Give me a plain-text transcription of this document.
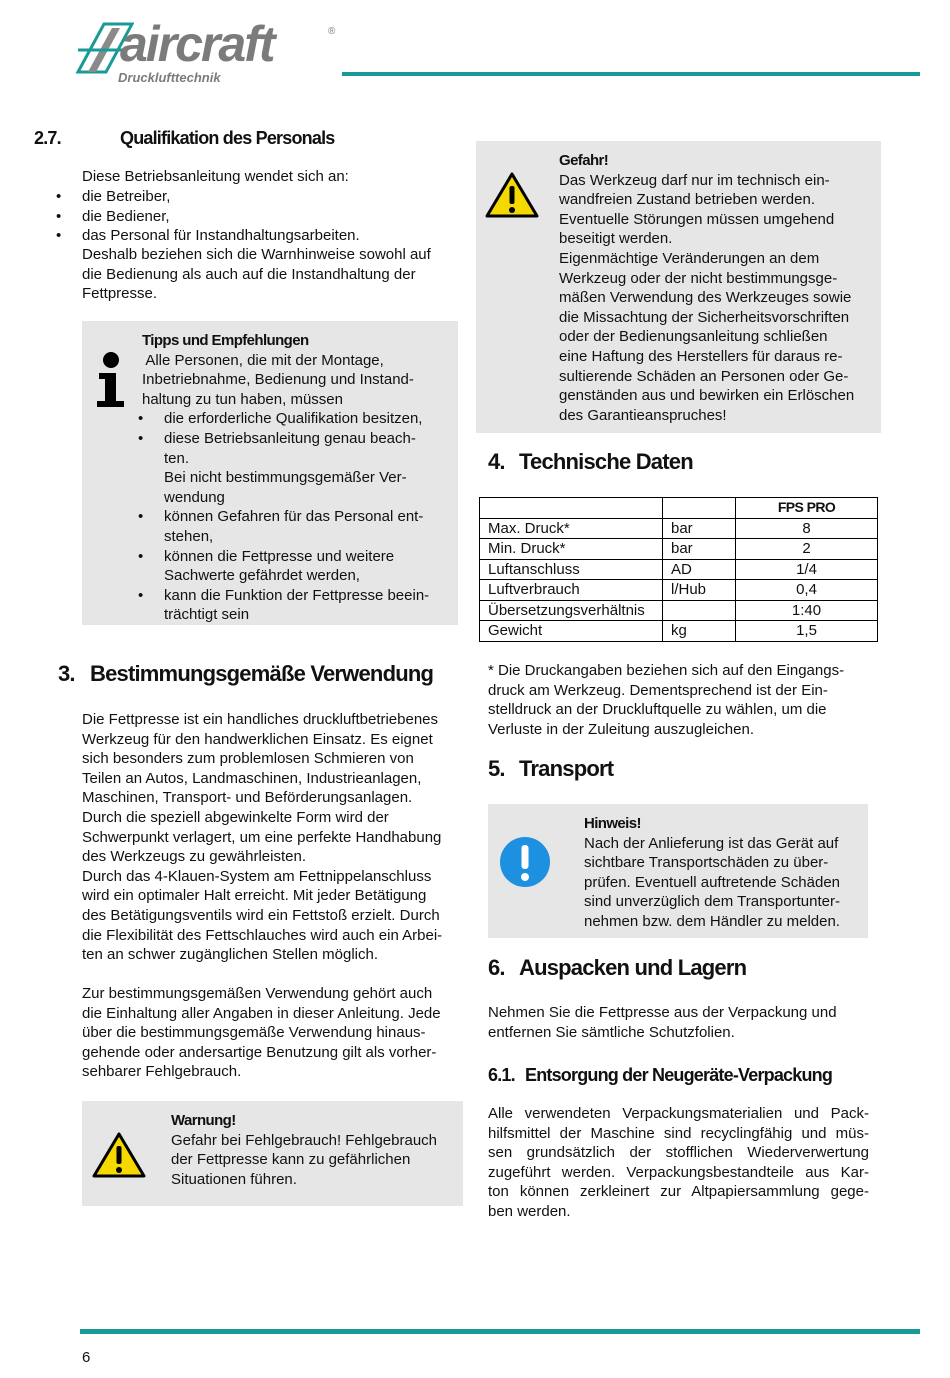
aircraft	®
Drucklufttechnik
2.7.	Qualifikation des Personals

Diese Betriebsanleitung wendet sich an:

• die Betreiber,
• die Bediener,
• das Personal für Instandhaltungsarbeiten.

Deshalb beziehen sich die Warnhinweise sowohl auf

die Bedienung als auch auf die Instandhaltung der

Fettpresse.

Tipps und Empfehlungen
Alle Personen, die mit der Montage,
Inbetriebnahme, Bedienung und Instand-
haltung zu tun haben, müssen
• die erforderliche Qualifikation besitzen,
• diese Betriebsanleitung genau beach-
ten.
Bei nicht bestimmungsgemäßer Ver-
wendung
• können Gefahren für das Personal ent-
stehen,
• können die Fettpresse und weitere
Sachwerte gefährdet werden,
• kann die Funktion der Fettpresse beein-
trächtigt sein
3. Bestimmungsgemäße Verwendung

Die Fettpresse ist ein handliches druckluftbetriebenes

Werkzeug für den handwerklichen Einsatz. Es eignet

sich besonders zum problemlosen Schmieren von

Teilen an Autos, Landmaschinen, Industrieanlagen,

Maschinen, Transport- und Beförderungsanlagen.

Durch die speziell abgewinkelte Form wird der

Schwerpunkt verlagert, um eine perfekte Handhabung

des Werkzeugs zu gewährleisten.

Durch das 4-Klauen-System am Fettnippelanschluss

wird ein optimaler Halt erreicht. Mit jeder Betätigung

des Betätigungsventils wird ein Fettstoß erzielt. Durch

die Flexibilität des Fettschlauches wird auch ein Arbei-

ten an schwer zugänglichen Stellen möglich.

Zur bestimmungsgemäßen Verwendung gehört auch

die Einhaltung aller Angaben in dieser Anleitung. Jede

über die bestimmungsgemäße Verwendung hinaus-

gehende oder andersartige Benutzung gilt als vorher-

sehbarer Fehlgebrauch.

Warnung!
Gefahr bei Fehlgebrauch! Fehlgebrauch
der Fettpresse kann zu gefährlichen
Situationen führen.
Gefahr!
Das Werkzeug darf nur im technisch ein-
wandfreien Zustand betrieben werden.
Eventuelle Störungen müssen umgehend
beseitigt werden.
Eigenmächtige Veränderungen an dem
Werkzeug oder der nicht bestimmungsge-
mäßen Verwendung des Werkzeuges sowie
die Missachtung der Sicherheitsvorschriften
oder der Bedienungsanleitung schließen
eine Haftung des Herstellers für daraus re-
sultierende Schäden an Personen oder Ge-
genständen aus und bewirken ein Erlöschen
des Garantieanspruches!
4. Technische Daten
		FPS PRO
Max. Druck*	bar	8
Min. Druck*	bar	2
Luftanschluss	AD	1/4
Luftverbrauch	l/Hub	0,4
Übersetzungsverhältnis		1:40
Gewicht	kg	1,5

* Die Druckangaben beziehen sich auf den Eingangs-

druck am Werkzeug. Dementsprechend ist der Ein-

stelldruck an der Druckluftquelle zu wählen, um die

Verluste in der Zuleitung auszugleichen.

5. Transport
Hinweis!
Nach der Anlieferung ist das Gerät auf
sichtbare Transportschäden zu über-
prüfen. Eventuell auftretende Schäden
sind unverzüglich dem Transportunter-
nehmen bzw. dem Händler zu melden.
6. Auspacken und Lagern

Nehmen Sie die Fettpresse aus der Verpackung und

entfernen Sie sämtliche Schutzfolien.

6.1. Entsorgung der Neugeräte-Verpackung

Alle verwendeten Verpackungsmaterialien und Pack-

hilfsmittel der Maschine sind recyclingfähig und müs-

sen grundsätzlich der stofflichen Wiederverwertung

zugeführt werden. Verpackungsbestandteile aus Kar-

ton können zerkleinert zur Altpapiersammlung gege-

ben werden.

6
